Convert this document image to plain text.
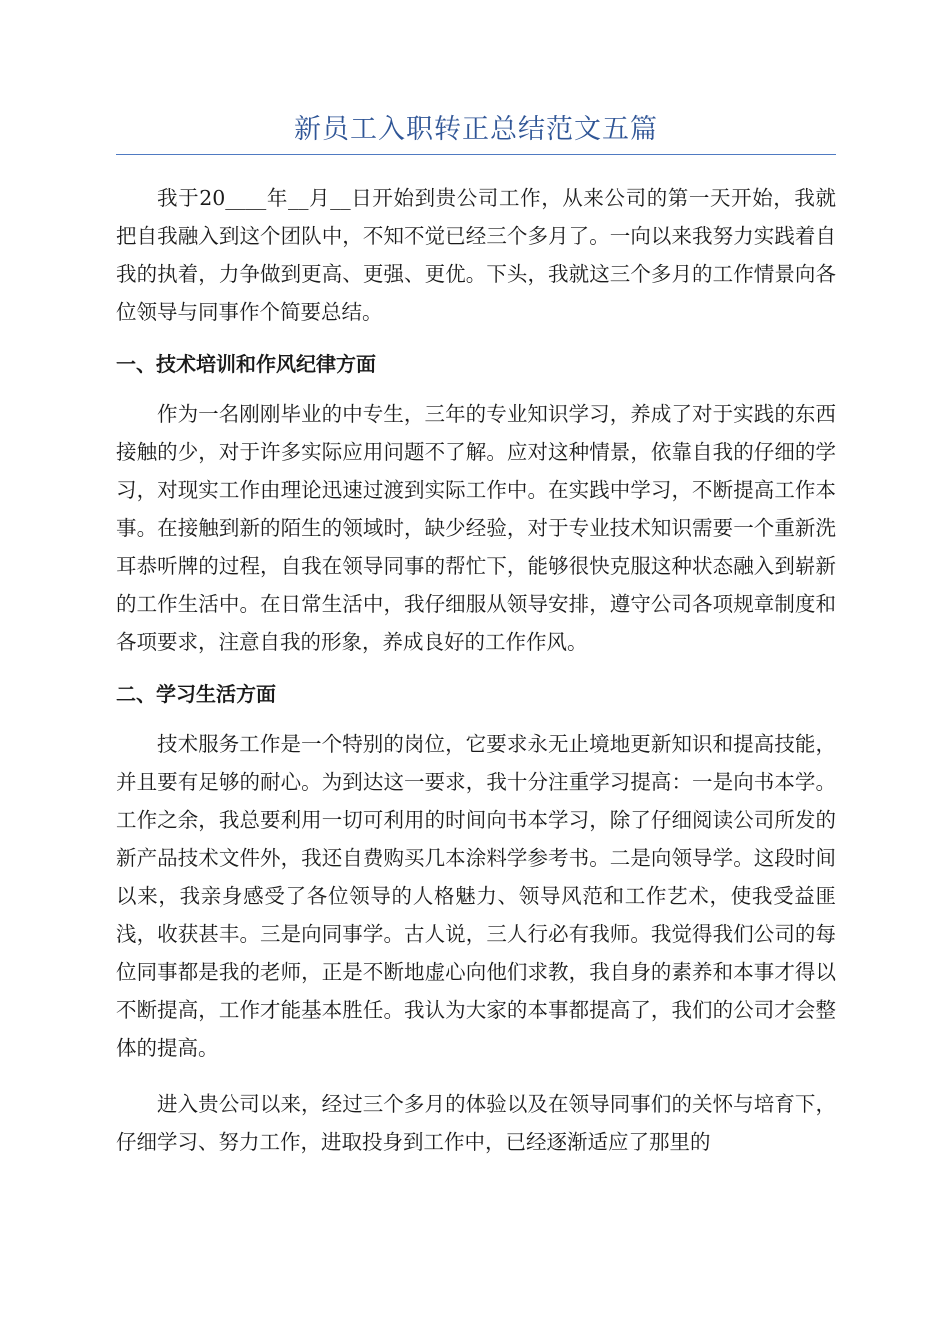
新员工入职转正总结范文五篇

我于20____年__月__日开始到贵公司工作，从来公司的第一天开始，我就把自我融入到这个团队中，不知不觉已经三个多月了。一向以来我努力实践着自我的执着，力争做到更高、更强、更优。下头，我就这三个多月的工作情景向各位领导与同事作个简要总结。

一、技术培训和作风纪律方面

作为一名刚刚毕业的中专生，三年的专业知识学习，养成了对于实践的东西接触的少，对于许多实际应用问题不了解。应对这种情景，依靠自我的仔细的学习，对现实工作由理论迅速过渡到实际工作中。在实践中学习，不断提高工作本事。在接触到新的陌生的领域时，缺少经验，对于专业技术知识需要一个重新洗耳恭听牌的过程，自我在领导同事的帮忙下，能够很快克服这种状态融入到崭新的工作生活中。在日常生活中，我仔细服从领导安排，遵守公司各项规章制度和各项要求，注意自我的形象，养成良好的工作作风。

二、学习生活方面

技术服务工作是一个特别的岗位，它要求永无止境地更新知识和提高技能，并且要有足够的耐心。为到达这一要求，我十分注重学习提高：一是向书本学。工作之余，我总要利用一切可利用的时间向书本学习，除了仔细阅读公司所发的新产品技术文件外，我还自费购买几本涂料学参考书。二是向领导学。这段时间以来，我亲身感受了各位领导的人格魅力、领导风范和工作艺术，使我受益匪浅，收获甚丰。三是向同事学。古人说，三人行必有我师。我觉得我们公司的每位同事都是我的老师，正是不断地虚心向他们求教，我自身的素养和本事才得以不断提高，工作才能基本胜任。我认为大家的本事都提高了，我们的公司才会整体的提高。

进入贵公司以来，经过三个多月的体验以及在领导同事们的关怀与培育下，仔细学习、努力工作，进取投身到工作中，已经逐渐适应了那里的
